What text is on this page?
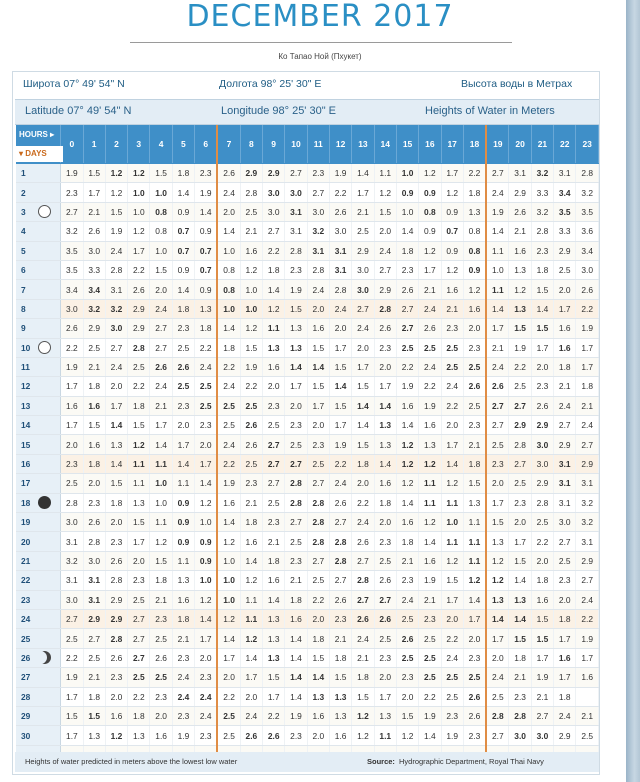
DECEMBER 2017
Ко Тапао Ной (Пхукет)
Широта 07° 49' 54" N	Долгота 98° 25' 30" E	Высота воды в Метрах
Latitude 07° 49' 54" N	Longitude 98° 25' 30" E	Heights of Water in Meters
HOURS ▸
▾ DAYS	0	1	2	3	4	5	6	7	8	9	10	11	12	13	14	15	16	17	18	19	20	21	22	23
1	1.9	1.5	1.2	1.2	1.5	1.8	2.3	2.6	2.9	2.9	2.7	2.3	1.9	1.4	1.1	1.0	1.2	1.7	2.2	2.7	3.1	3.2	3.1	2.8
2	2.3	1.7	1.2	1.0	1.0	1.4	1.9	2.4	2.8	3.0	3.0	2.7	2.2	1.7	1.2	0.9	0.9	1.2	1.8	2.4	2.9	3.3	3.4	3.2
3	2.7	2.1	1.5	1.0	0.8	0.9	1.4	2.0	2.5	3.0	3.1	3.0	2.6	2.1	1.5	1.0	0.8	0.9	1.3	1.9	2.6	3.2	3.5	3.5
4	3.2	2.6	1.9	1.2	0.8	0.7	0.9	1.4	2.1	2.7	3.1	3.2	3.0	2.5	2.0	1.4	0.9	0.7	0.8	1.4	2.1	2.8	3.3	3.6
5	3.5	3.0	2.4	1.7	1.0	0.7	0.7	1.0	1.6	2.2	2.8	3.1	3.1	2.9	2.4	1.8	1.2	0.9	0.8	1.1	1.6	2.3	2.9	3.4
6	3.5	3.3	2.8	2.2	1.5	0.9	0.7	0.8	1.2	1.8	2.3	2.8	3.1	3.0	2.7	2.3	1.7	1.2	0.9	1.0	1.3	1.8	2.5	3.0
7	3.4	3.4	3.1	2.6	2.0	1.4	0.9	0.8	1.0	1.4	1.9	2.4	2.8	3.0	2.9	2.6	2.1	1.6	1.2	1.1	1.2	1.5	2.0	2.6
8	3.0	3.2	3.2	2.9	2.4	1.8	1.3	1.0	1.0	1.2	1.5	2.0	2.4	2.7	2.8	2.7	2.4	2.1	1.6	1.4	1.3	1.4	1.7	2.2
9	2.6	2.9	3.0	2.9	2.7	2.3	1.8	1.4	1.2	1.1	1.3	1.6	2.0	2.4	2.6	2.7	2.6	2.3	2.0	1.7	1.5	1.5	1.6	1.9
10	2.2	2.5	2.7	2.8	2.7	2.5	2.2	1.8	1.5	1.3	1.3	1.5	1.7	2.0	2.3	2.5	2.5	2.5	2.3	2.1	1.9	1.7	1.6	1.7
11	1.9	2.1	2.4	2.5	2.6	2.6	2.4	2.2	1.9	1.6	1.4	1.4	1.5	1.7	2.0	2.2	2.4	2.5	2.5	2.4	2.2	2.0	1.8	1.7
12	1.7	1.8	2.0	2.2	2.4	2.5	2.5	2.4	2.2	2.0	1.7	1.5	1.4	1.5	1.7	1.9	2.2	2.4	2.6	2.6	2.5	2.3	2.1	1.8
13	1.6	1.6	1.7	1.8	2.1	2.3	2.5	2.5	2.5	2.3	2.0	1.7	1.5	1.4	1.4	1.6	1.9	2.2	2.5	2.7	2.7	2.6	2.4	2.1
14	1.7	1.5	1.4	1.5	1.7	2.0	2.3	2.5	2.6	2.5	2.3	2.0	1.7	1.4	1.3	1.4	1.6	2.0	2.3	2.7	2.9	2.9	2.7	2.4
15	2.0	1.6	1.3	1.2	1.4	1.7	2.0	2.4	2.6	2.7	2.5	2.3	1.9	1.5	1.3	1.2	1.3	1.7	2.1	2.5	2.8	3.0	2.9	2.7
16	2.3	1.8	1.4	1.1	1.1	1.4	1.7	2.2	2.5	2.7	2.7	2.5	2.2	1.8	1.4	1.2	1.2	1.4	1.8	2.3	2.7	3.0	3.1	2.9
17	2.5	2.0	1.5	1.1	1.0	1.1	1.4	1.9	2.3	2.7	2.8	2.7	2.4	2.0	1.6	1.2	1.1	1.2	1.5	2.0	2.5	2.9	3.1	3.1
18	2.8	2.3	1.8	1.3	1.0	0.9	1.2	1.6	2.1	2.5	2.8	2.8	2.6	2.2	1.8	1.4	1.1	1.1	1.3	1.7	2.3	2.8	3.1	3.2
19	3.0	2.6	2.0	1.5	1.1	0.9	1.0	1.4	1.8	2.3	2.7	2.8	2.7	2.4	2.0	1.6	1.2	1.0	1.1	1.5	2.0	2.5	3.0	3.2
20	3.1	2.8	2.3	1.7	1.2	0.9	0.9	1.2	1.6	2.1	2.5	2.8	2.8	2.6	2.3	1.8	1.4	1.1	1.1	1.3	1.7	2.2	2.7	3.1
21	3.2	3.0	2.6	2.0	1.5	1.1	0.9	1.0	1.4	1.8	2.3	2.7	2.8	2.7	2.5	2.1	1.6	1.2	1.1	1.2	1.5	2.0	2.5	2.9
22	3.1	3.1	2.8	2.3	1.8	1.3	1.0	1.0	1.2	1.6	2.1	2.5	2.7	2.8	2.6	2.3	1.9	1.5	1.2	1.2	1.4	1.8	2.3	2.7
23	3.0	3.1	2.9	2.5	2.1	1.6	1.2	1.0	1.1	1.4	1.8	2.2	2.6	2.7	2.7	2.4	2.1	1.7	1.4	1.3	1.3	1.6	2.0	2.4
24	2.7	2.9	2.9	2.7	2.3	1.8	1.4	1.2	1.1	1.3	1.6	2.0	2.3	2.6	2.6	2.5	2.3	2.0	1.7	1.4	1.4	1.5	1.8	2.2
25	2.5	2.7	2.8	2.7	2.5	2.1	1.7	1.4	1.2	1.3	1.4	1.8	2.1	2.4	2.5	2.6	2.5	2.2	2.0	1.7	1.5	1.5	1.7	1.9
26	2.2	2.5	2.6	2.7	2.6	2.3	2.0	1.7	1.4	1.3	1.4	1.5	1.8	2.1	2.3	2.5	2.5	2.4	2.3	2.0	1.8	1.7	1.6	1.7
27	1.9	2.1	2.3	2.5	2.5	2.4	2.3	2.0	1.7	1.5	1.4	1.4	1.5	1.8	2.0	2.3	2.5	2.5	2.5	2.4	2.1	1.9	1.7	1.6
28	1.7	1.8	2.0	2.2	2.3	2.4	2.4	2.2	2.0	1.7	1.4	1.3	1.3	1.5	1.7	2.0	2.2	2.5	2.6	2.5	2.3	2.1	1.8	
29	1.5	1.5	1.6	1.8	2.0	2.3	2.4	2.5	2.4	2.2	1.9	1.6	1.3	1.2	1.3	1.5	1.9	2.3	2.6	2.8	2.8	2.7	2.4	2.1
30	1.7	1.3	1.2	1.3	1.6	1.9	2.3	2.5	2.6	2.6	2.3	2.0	1.6	1.2	1.1	1.2	1.4	1.9	2.3	2.7	3.0	3.0	2.9	2.5

Heights of water predicted in meters above the lowest low water	Source: Hydrographic Department, Royal Thai Navy
